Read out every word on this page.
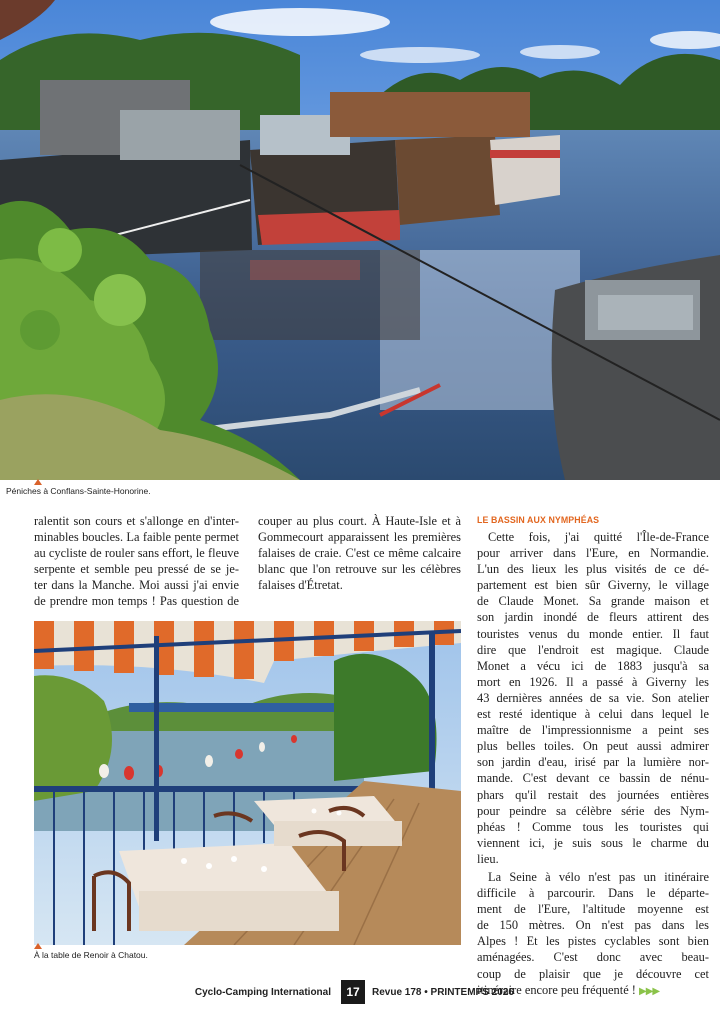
Péniches à Conflans-Sainte-Honorine.
ralentit son cours et s'allonge en d'inter-
minables boucles. La faible pente permet
au cycliste de rouler sans effort, le fleuve
serpente et semble peu pressé de se je-
ter dans la Manche. Moi aussi j'ai envie
de prendre mon temps ! Pas question de
couper au plus court. À Haute-Isle et à
Gommecourt apparaissent les premières
falaises de craie. C'est ce même calcaire
blanc que l'on retrouve sur les célèbres
falaises d'Étretat.
LE BASSIN AUX NYMPHÉAS
Cette fois, j'ai quitté l'Île-de-France
pour arriver dans l'Eure, en Normandie.
L'un des lieux les plus visités de ce dé-
partement est bien sûr Giverny, le village
de Claude Monet. Sa grande maison et
son jardin inondé de fleurs attirent des
touristes venus du monde entier. Il faut
dire que l'endroit est magique. Claude
Monet a vécu ici de 1883 jusqu'à sa
mort en 1926. Il a passé à Giverny les
43 dernières années de sa vie. Son atelier
est resté identique à celui dans lequel le
maître de l'impressionnisme a peint ses
plus belles toiles. On peut aussi admirer
son jardin d'eau, irisé par la lumière nor-
mande. C'est devant ce bassin de nénu-
phars qu'il restait des journées entières
pour peindre sa célèbre série des Nym-
phéas ! Comme tous les touristes qui
viennent ici, je suis sous le charme du
lieu.
La Seine à vélo n'est pas un itinéraire
difficile à parcourir. Dans le départe-
ment de l'Eure, l'altitude moyenne est
de 150 mètres. On n'est pas dans les
Alpes ! Et les pistes cyclables sont bien
aménagées. C'est donc avec beau-
coup de plaisir que je découvre cet
itinéraire encore peu fréquenté ! ▶▶▶
À la table de Renoir à Chatou.
Cyclo-Camping International	17	Revue 178 • PRINTEMPS 2026
